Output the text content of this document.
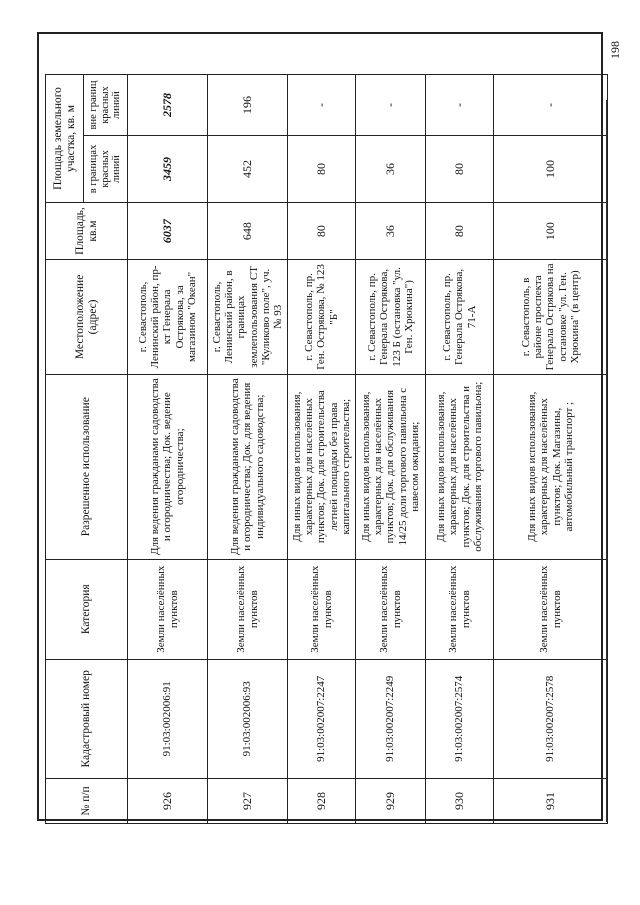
№ п/п	Кадастровый номер	Категория	Разрешенное использование	Местоположение (адрес)	Площадь, кв.м	Площадь земельного участка, кв. м	
						в границах красных линий	вне границ красных линий
926	91:03:002006:91	Земли населённых пунктов	Для ведения гражданами садоводства и огородничества; Док. ведение огородничества;	г. Севастополь, Ленинский район, пр-кт Генерала Острякова, за магазином "Океан"	6037	3459	2578
927	91:03:002006:93	Земли населённых пунктов	Для ведения гражданами садоводства и огородничества; Док. для ведения индивидуального садоводства;	г. Севастополь, Ленинский район, в границах землепользования СТ "Куликово поле", уч. № 93	648	452	196
928	91:03:002007:2247	Земли населённых пунктов	Для иных видов использования, характерных для населённых пунктов; Док. для строительства летней площадки без права капитального строительства;	г. Севастополь, пр. Ген. Острякова, № 123 "Б"	80	80	-
929	91:03:002007:2249	Земли населённых пунктов	Для иных видов использования, характерных для населённых пунктов; Док. для обслуживания 14/25 доли торгового павильона с навесом ожидания;	г. Севастополь, пр. Генерала Острякова, 123 Б (остановка "ул. Ген. Хрюкина")	36	36	-
930	91:03:002007:2574	Земли населённых пунктов	Для иных видов использования, характерных для населённых пунктов; Док. для строительства и обслуживания торгового павильона;	г. Севастополь, пр. Генерала Острякова, 71-А	80	80	-
931	91:03:002007:2578	Земли населённых пунктов	Для иных видов использования, характерных для населённых пунктов; Док. Магазины, автомобильный транспорт ;	г. Севастополь, в районе проспекта Генерала Острякова на остановке "ул. Ген. Хрюкина" (в центр)	100	100	-
198
